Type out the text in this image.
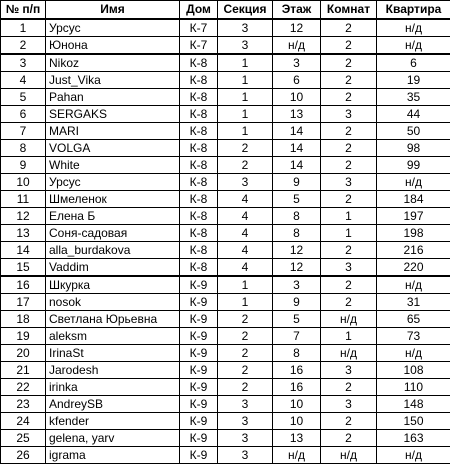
№ п/п	Имя	Дом	Секция	Этаж	Комнат	Квартира
1	Урсус	К-7	3	12	2	н/д
2	Юнона	К-7	3	н/д	2	н/д
3	Nikoz	К-8	1	3	2	6
4	Just_Vika	К-8	1	6	2	19
5	Pahan	К-8	1	10	2	35
6	SERGAKS	К-8	1	13	3	44
7	MARI	К-8	1	14	2	50
8	VOLGA	К-8	2	14	2	98
9	White	К-8	2	14	2	99
10	Урсус	К-8	3	9	3	н/д
11	Шмеленок	К-8	4	5	2	184
12	Елена Б	К-8	4	8	1	197
13	Соня-садовая	К-8	4	8	1	198
14	alla_burdakova	К-8	4	12	2	216
15	Vaddim	К-8	4	12	3	220
16	Шкурка	К-9	1	3	2	н/д
17	nosok	К-9	1	9	2	31
18	Светлана Юрьевна	К-9	2	5	н/д	65
19	aleksm	К-9	2	7	1	73
20	IrinaSt	К-9	2	8	н/д	н/д
21	Jarodesh	К-9	2	16	3	108
22	irinka	К-9	2	16	2	110
23	AndreySB	К-9	3	10	3	148
24	kfender	К-9	3	10	2	150
25	gelena, yarv	К-9	3	13	2	163
26	igrama	К-9	3	н/д	н/д	н/д
